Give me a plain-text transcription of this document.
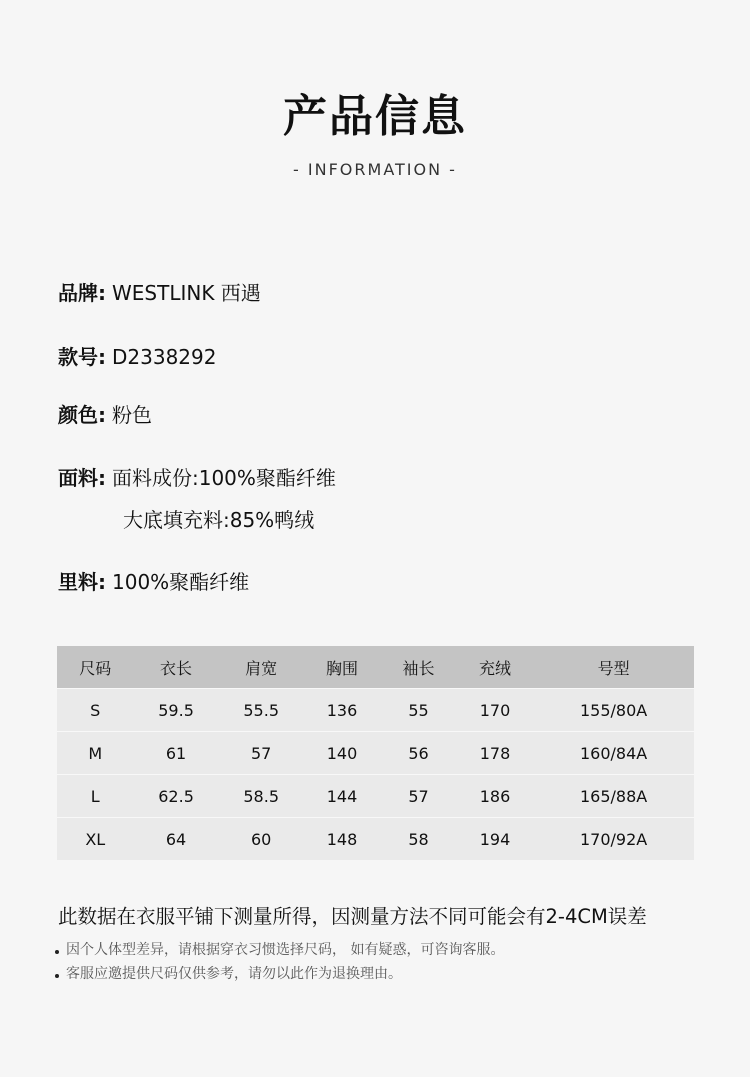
产品信息
- INFORMATION -
品牌: WESTLINK 西遇
款号: D2338292
颜色: 粉色
面料: 面料成份:100%聚酯纤维
大底填充料:85%鸭绒
里料: 100%聚酯纤维
尺码	衣长	肩宽	胸围	袖长	充绒	号型
S	59.5	55.5	136	55	170	155/80A
M	61	57	140	56	178	160/84A
L	62.5	58.5	144	57	186	165/88A
XL	64	60	148	58	194	170/92A
此数据在衣服平铺下测量所得，因测量方法不同可能会有2-4CM误差
因个人体型差异，请根据穿衣习惯选择尺码， 如有疑惑，可咨询客服。
客服应邀提供尺码仅供参考，请勿以此作为退换理由。
